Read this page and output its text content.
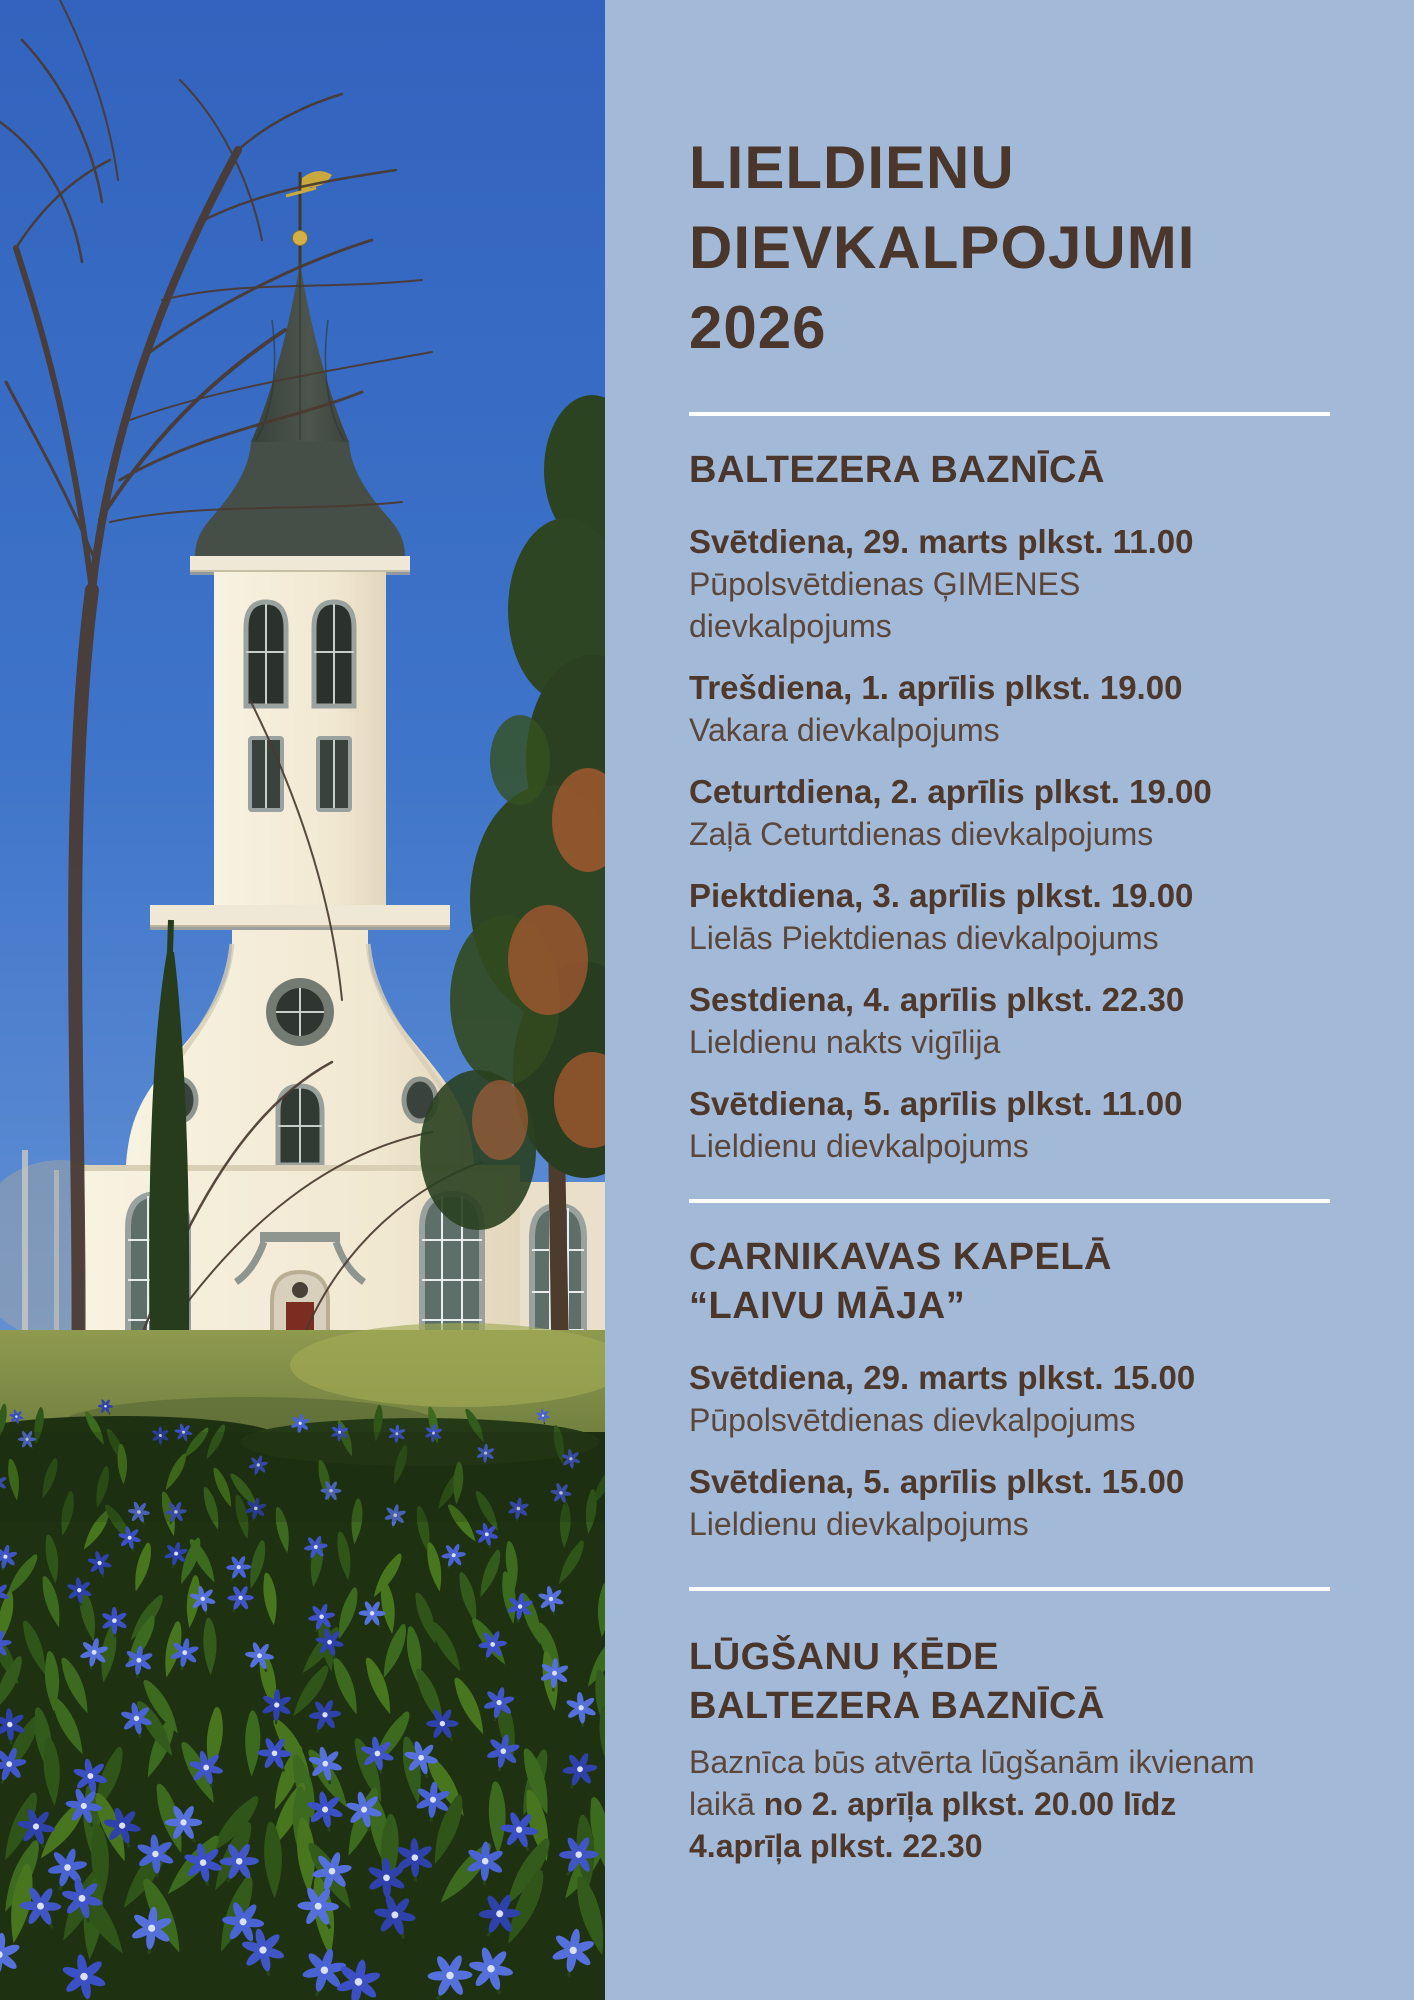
LIELDIENU
DIEVKALPOJUMI
2026
BALTEZERA BAZNĪCĀ
Svētdiena, 29. marts plkst. 11.00
Pūpolsvētdienas ĢIMENES
dievkalpojums
Trešdiena, 1. aprīlis plkst. 19.00
Vakara dievkalpojums
Ceturtdiena, 2. aprīlis plkst. 19.00
Zaļā Ceturtdienas dievkalpojums
Piektdiena, 3. aprīlis plkst. 19.00
Lielās Piektdienas dievkalpojums
Sestdiena, 4. aprīlis plkst. 22.30
Lieldienu nakts vigīlija
Svētdiena, 5. aprīlis plkst. 11.00
Lieldienu dievkalpojums
CARNIKAVAS KAPELĀ
“LAIVU MĀJA”
Svētdiena, 29. marts plkst. 15.00
Pūpolsvētdienas dievkalpojums
Svētdiena, 5. aprīlis plkst. 15.00
Lieldienu dievkalpojums
LŪGŠANU ĶĒDE
BALTEZERA BAZNĪCĀ

Baznīca būs atvērta lūgšanām ikvienam
laikā no 2. aprīļa plkst. 20.00 līdz
4.aprīļa plkst. 22.30
